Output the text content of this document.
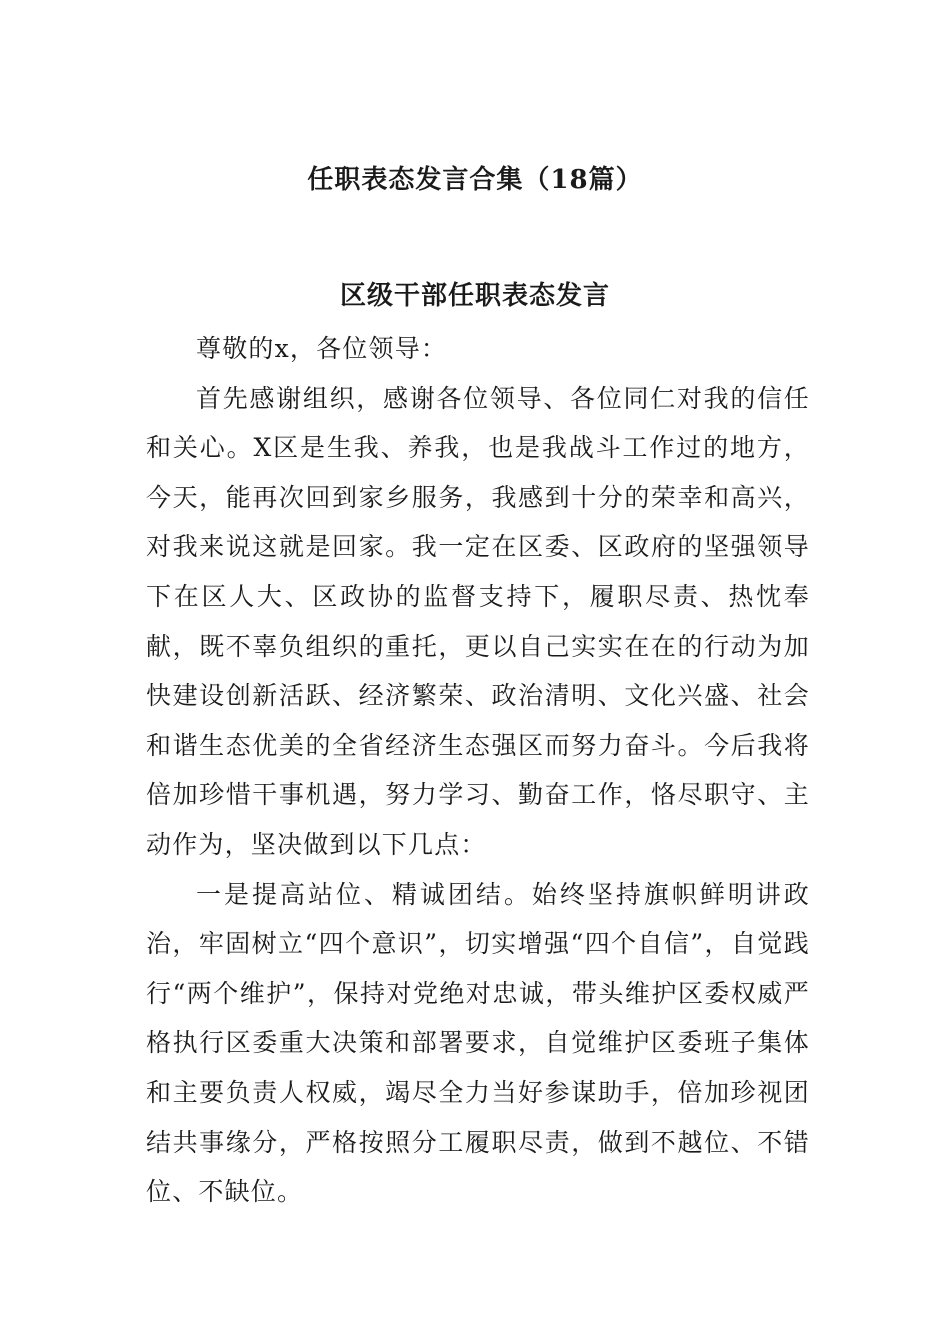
任职表态发言合集（18篇）
区级干部任职表态发言

尊敬的x，各位领导：

首先感谢组织，感谢各位领导、各位同仁对我的信任和关心。X区是生我、养我，也是我战斗工作过的地方，今天，能再次回到家乡服务，我感到十分的荣幸和高兴，对我来说这就是回家。我一定在区委、区政府的坚强领导下在区人大、区政协的监督支持下，履职尽责、热忱奉献，既不辜负组织的重托，更以自己实实在在的行动为加快建设创新活跃、经济繁荣、政治清明、文化兴盛、社会和谐生态优美的全省经济生态强区而努力奋斗。今后我将倍加珍惜干事机遇，努力学习、勤奋工作，恪尽职守、主动作为，坚决做到以下几点：

一是提高站位、精诚团结。始终坚持旗帜鲜明讲政治，牢固树立“四个意识”，切实增强“四个自信”，自觉践行“两个维护”，保持对党绝对忠诚，带头维护区委权威严格执行区委重大决策和部署要求，自觉维护区委班子集体和主要负责人权威，竭尽全力当好参谋助手，倍加珍视团结共事缘分，严格按照分工履职尽责，做到不越位、不错位、不缺位。
